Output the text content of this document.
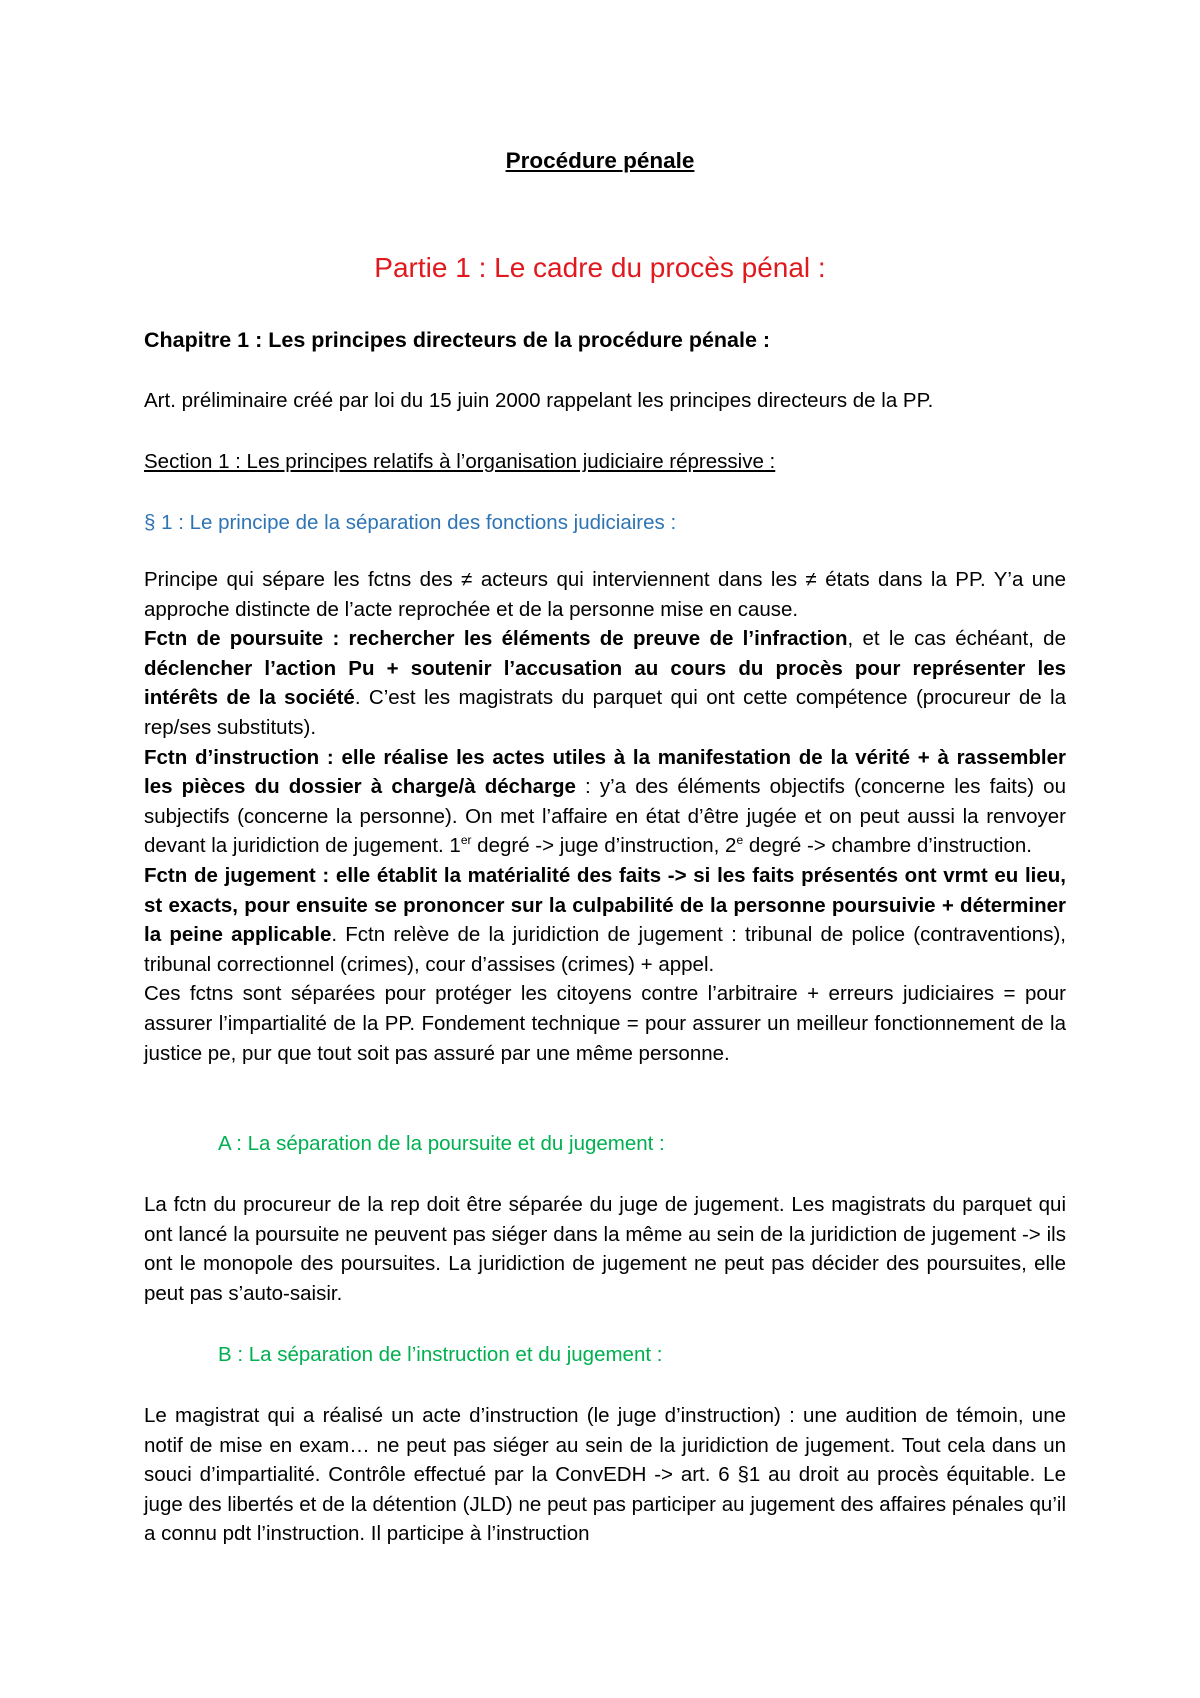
Procédure pénale
Partie 1 : Le cadre du procès pénal :
Chapitre 1 : Les principes directeurs de la procédure pénale :
Art. préliminaire créé par loi du 15 juin 2000 rappelant les principes directeurs de la PP.
Section 1 : Les principes relatifs à l’organisation judiciaire répressive :
§ 1 : Le principe de la séparation des fonctions judiciaires :

Principe qui sépare les fctns des ≠ acteurs qui interviennent dans les ≠ états dans la PP. Y’a une approche distincte de l’acte reprochée et de la personne mise en cause.

Fctn de poursuite : rechercher les éléments de preuve de l’infraction, et le cas échéant, de déclencher l’action Pu + soutenir l’accusation au cours du procès pour représenter les intérêts de la société. C’est les magistrats du parquet qui ont cette compétence (procureur de la rep/ses substituts).

Fctn d’instruction : elle réalise les actes utiles à la manifestation de la vérité + à rassembler les pièces du dossier à charge/à décharge : y’a des éléments objectifs (concerne les faits) ou subjectifs (concerne la personne). On met l’affaire en état d’être jugée et on peut aussi la renvoyer devant la juridiction de jugement. 1er degré -> juge d’instruction, 2e degré -> chambre d’instruction.

Fctn de jugement : elle établit la matérialité des faits -> si les faits présentés ont vrmt eu lieu, st exacts, pour ensuite se prononcer sur la culpabilité de la personne poursuivie + déterminer la peine applicable. Fctn relève de la juridiction de jugement : tribunal de police (contraventions), tribunal correctionnel (crimes), cour d’assises (crimes) + appel.

Ces fctns sont séparées pour protéger les citoyens contre l’arbitraire + erreurs judiciaires = pour assurer l’impartialité de la PP. Fondement technique = pour assurer un meilleur fonctionnement de la justice pe, pur que tout soit pas assuré par une même personne.

A : La séparation de la poursuite et du jugement :
La fctn du procureur de la rep doit être séparée du juge de jugement. Les magistrats du parquet qui ont lancé la poursuite ne peuvent pas siéger dans la même au sein de la juridiction de jugement -> ils ont le monopole des poursuites. La juridiction de jugement ne peut pas décider des poursuites, elle peut pas s’auto-saisir.
B : La séparation de l’instruction et du jugement :
Le magistrat qui a réalisé un acte d’instruction (le juge d’instruction) : une audition de témoin, une notif de mise en exam… ne peut pas siéger au sein de la juridiction de jugement. Tout cela dans un souci d’impartialité. Contrôle effectué par la ConvEDH -> art. 6 §1 au droit au procès équitable. Le juge des libertés et de la détention (JLD) ne peut pas participer au jugement des affaires pénales qu’il a connu pdt l’instruction. Il participe à l’instruction
